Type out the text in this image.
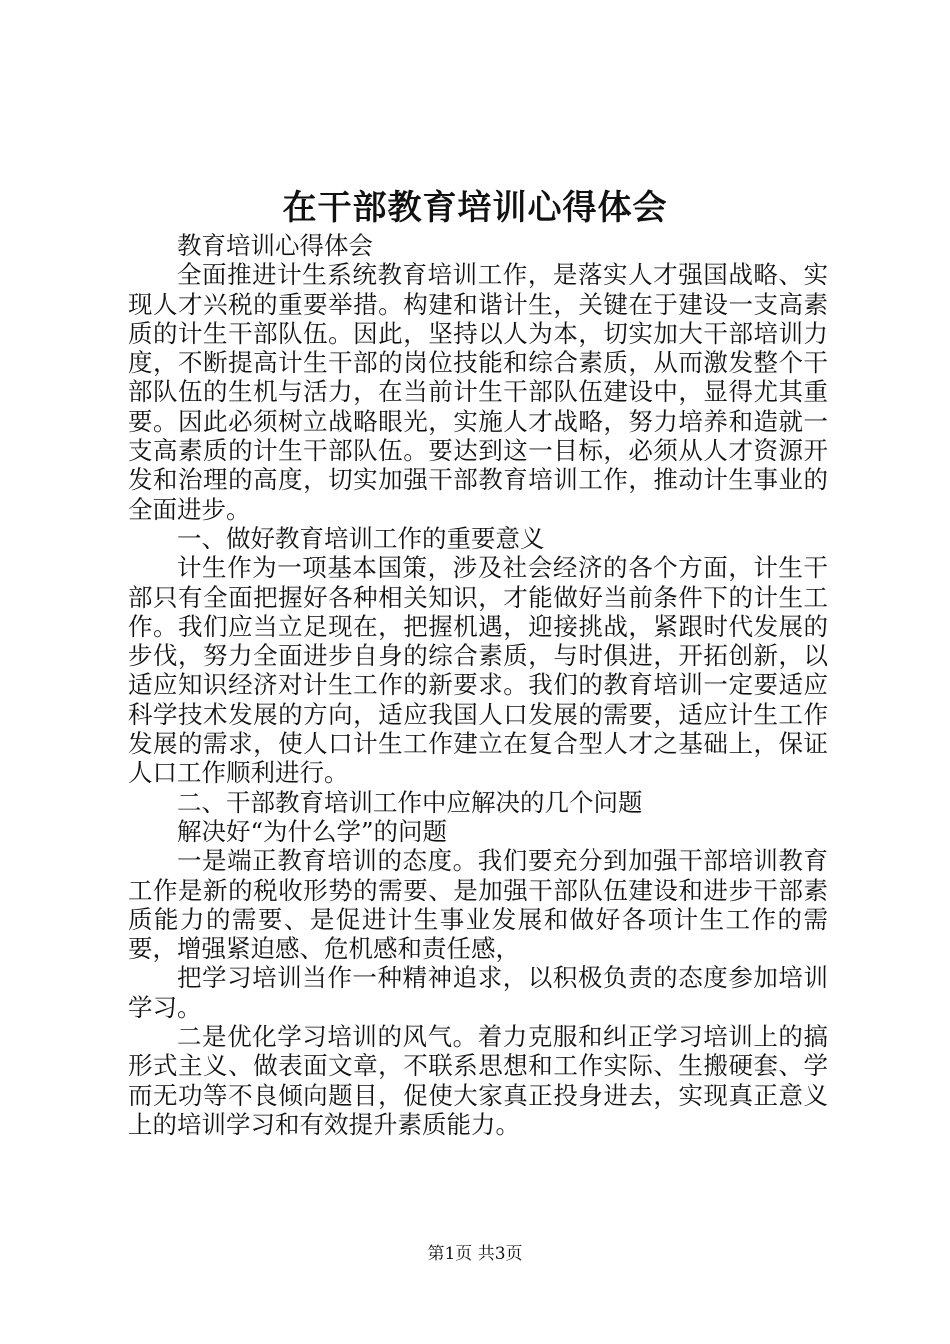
在干部教育培训心得体会

教育培训心得体会

全面推进计生系统教育培训工作，是落实人才强国战略、实现人才兴税的重要举措。构建和谐计生，关键在于建设一支高素质的计生干部队伍。因此，坚持以人为本，切实加大干部培训力度，不断提高计生干部的岗位技能和综合素质，从而激发整个干部队伍的生机与活力，在当前计生干部队伍建设中，显得尤其重要。因此必须树立战略眼光，实施人才战略，努力培养和造就一支高素质的计生干部队伍。要达到这一目标，必须从人才资源开发和治理的高度，切实加强干部教育培训工作，推动计生事业的全面进步。

一、做好教育培训工作的重要意义

计生作为一项基本国策，涉及社会经济的各个方面，计生干部只有全面把握好各种相关知识，才能做好当前条件下的计生工作。我们应当立足现在，把握机遇，迎接挑战，紧跟时代发展的步伐，努力全面进步自身的综合素质，与时俱进，开拓创新，以适应知识经济对计生工作的新要求。我们的教育培训一定要适应科学技术发展的方向，适应我国人口发展的需要，适应计生工作发展的需求，使人口计生工作建立在复合型人才之基础上，保证人口工作顺利进行。

二、干部教育培训工作中应解决的几个问题

解决好“为什么学”的问题

一是端正教育培训的态度。我们要充分到加强干部培训教育工作是新的税收形势的需要、是加强干部队伍建设和进步干部素质能力的需要、是促进计生事业发展和做好各项计生工作的需要，增强紧迫感、危机感和责任感，

把学习培训当作一种精神追求，以积极负责的态度参加培训学习。

二是优化学习培训的风气。着力克服和纠正学习培训上的搞形式主义、做表面文章，不联系思想和工作实际、生搬硬套、学而无功等不良倾向题目，促使大家真正投身进去，实现真正意义上的培训学习和有效提升素质能力。

第1页 共3页
